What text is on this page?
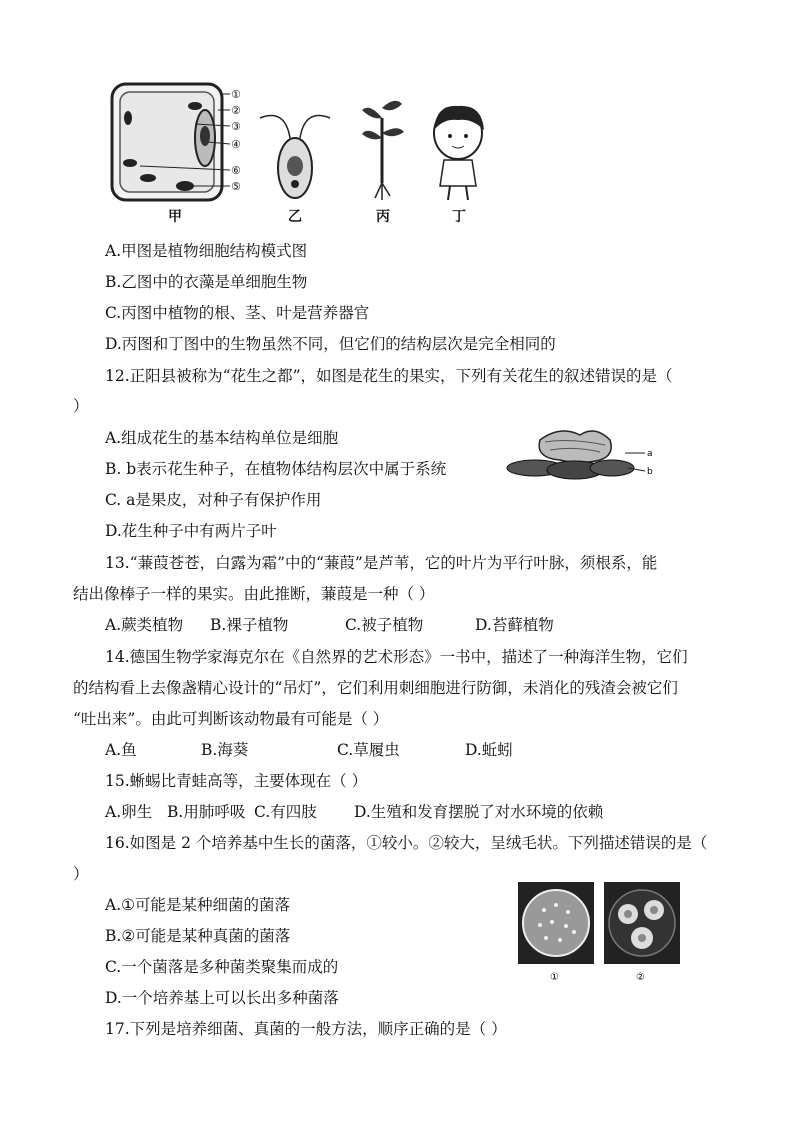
①
②
③
④
⑥
⑤
甲	乙	丙	丁
A.甲图是植物细胞结构模式图
B.乙图中的衣藻是单细胞生物
C.丙图中植物的根、茎、叶是营养器官
D.丙图和丁图中的生物虽然不同，但它们的结构层次是完全相同的
12.正阳县被称为“花生之都”，如图是花生的果实，下列有关花生的叙述错误的是（
）
A.组成花生的基本结构单位是细胞
B. b表示花生种子，在植物体结构层次中属于系统
C. a是果皮，对种子有保护作用
D.花生种子中有两片子叶
a
b
13.“蒹葭苍苍，白露为霜”中的“蒹葭”是芦苇，它的叶片为平行叶脉，须根系，能
结出像棒子一样的果实。由此推断，蒹葭是一种（ ）
A.蕨类植物 B.裸子植物	C.被子植物	D.苔藓植物
14.德国生物学家海克尔在《自然界的艺术形态》一书中，描述了一种海洋生物，它们
的结构看上去像盏精心设计的“吊灯”，它们利用刺细胞进行防御，未消化的残渣会被它们
“吐出来”。由此可判断该动物最有可能是（ ）
A.鱼	B.海葵	C.草履虫	D.蚯蚓
15.蜥蜴比青蛙高等，主要体现在（ ）
A.卵生 B.用肺呼吸 C.有四肢 D.生殖和发育摆脱了对水环境的依赖
16.如图是 2 个培养基中生长的菌落，①较小。②较大，呈绒毛状。下列描述错误的是（
）
A.①可能是某种细菌的菌落
B.②可能是某种真菌的菌落
C.一个菌落是多种菌类聚集而成的
D.一个培养基上可以长出多种菌落
①	②
17.下列是培养细菌、真菌的一般方法，顺序正确的是（ ）
